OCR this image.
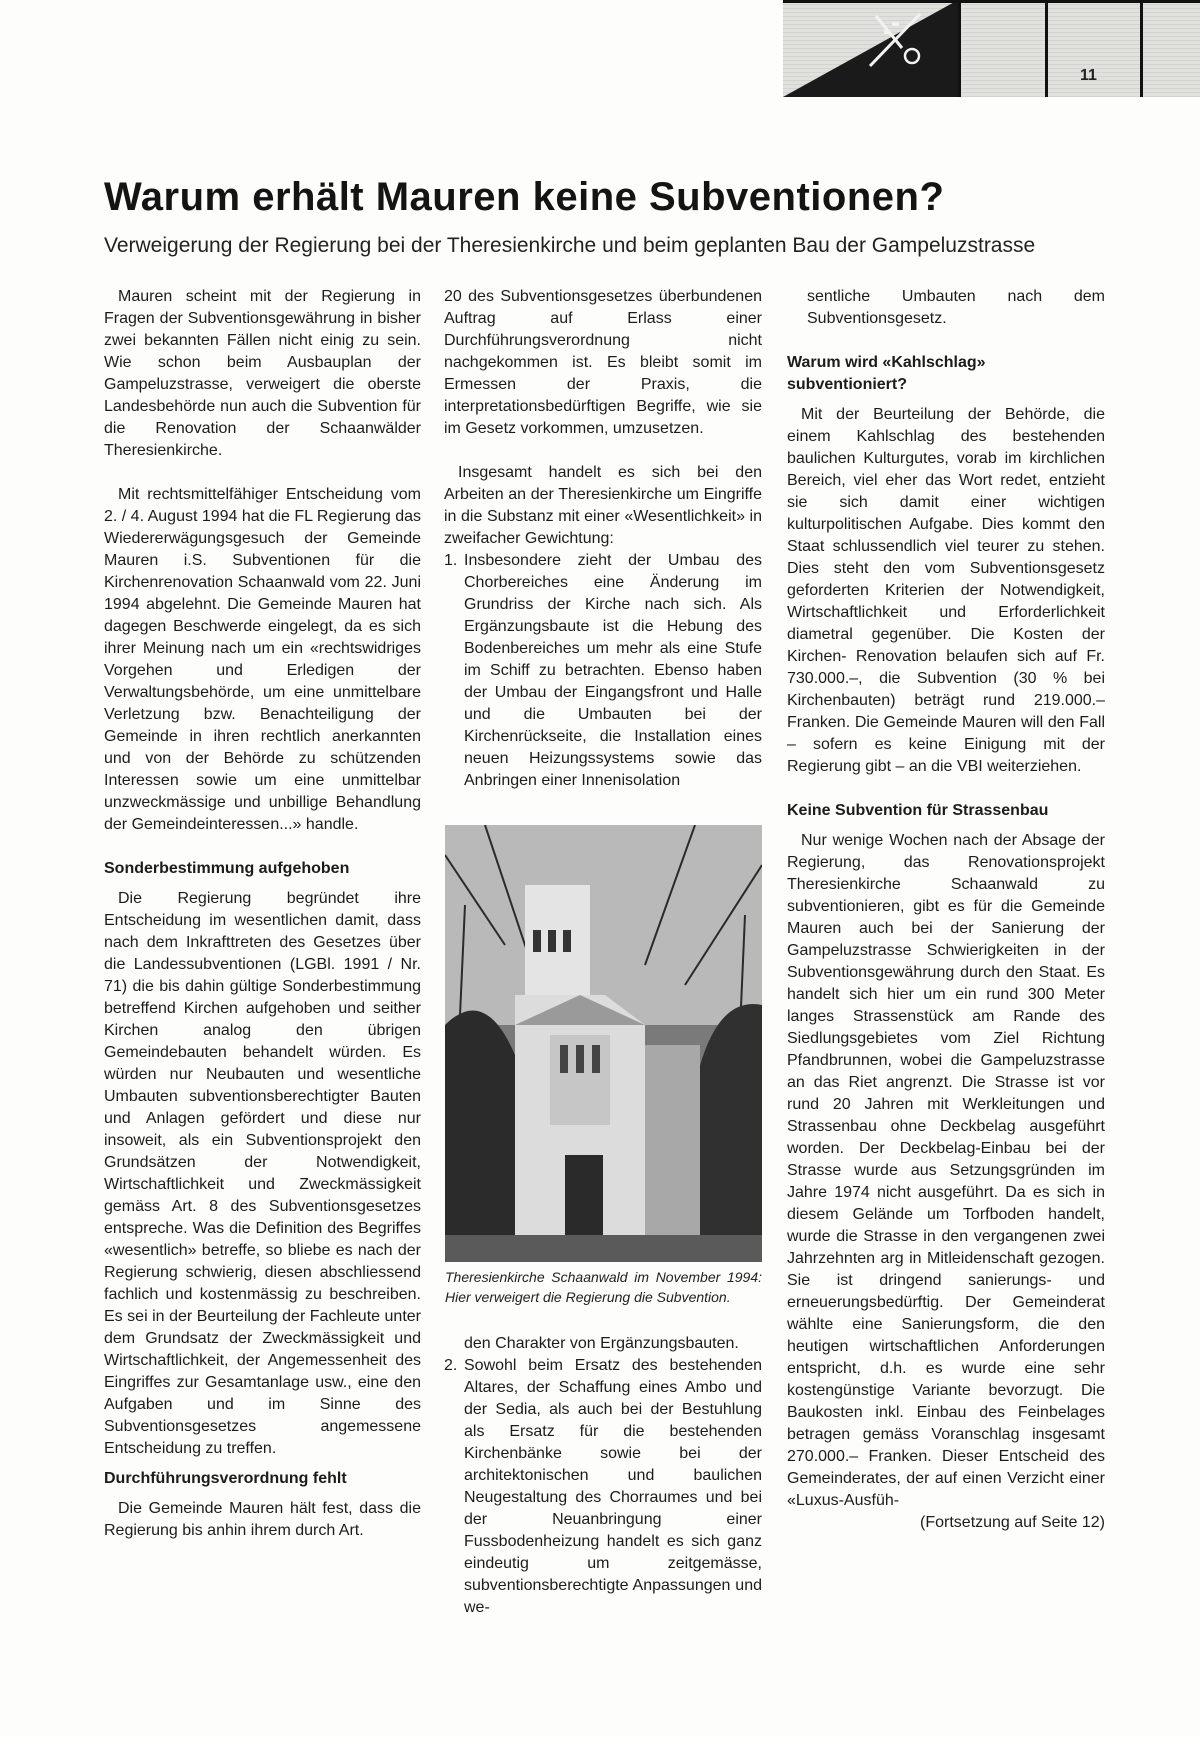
11
Warum erhält Mauren keine Subventionen?
Verweigerung der Regierung bei der Theresienkirche und beim geplanten Bau der Gampeluzstrasse

Mauren scheint mit der Regierung in Fragen der Subventionsgewährung in bisher zwei bekannten Fällen nicht einig zu sein. Wie schon beim Ausbauplan der Gampeluzstrasse, verweigert die oberste Landesbehörde nun auch die Subvention für die Renovation der Schaanwälder Theresienkirche.

Mit rechtsmittelfähiger Entscheidung vom 2. / 4. August 1994 hat die FL Regierung das Wiedererwägungsgesuch der Gemeinde Mauren i.S. Subventionen für die Kirchenrenovation Schaanwald vom 22. Juni 1994 abgelehnt. Die Gemeinde Mauren hat dagegen Beschwerde eingelegt, da es sich ihrer Meinung nach um ein «rechtswidriges Vorgehen und Erledigen der Verwaltungsbehörde, um eine unmittelbare Verletzung bzw. Benachteiligung der Gemeinde in ihren rechtlich anerkannten und von der Behörde zu schützenden Interessen sowie um eine unmittelbar unzweckmässige und unbillige Behandlung der Gemeindeinteressen...» handle.

Sonderbestimmung aufgehoben

Die Regierung begründet ihre Entscheidung im wesentlichen damit, dass nach dem Inkrafttreten des Gesetzes über die Landessubventionen (LGBl. 1991 / Nr. 71) die bis dahin gültige Sonderbestimmung betreffend Kirchen aufgehoben und seither Kirchen analog den übrigen Gemeindebauten behandelt würden. Es würden nur Neubauten und wesentliche Umbauten subventionsberechtigter Bauten und Anlagen gefördert und diese nur insoweit, als ein Subventionsprojekt den Grundsätzen der Notwendigkeit, Wirtschaftlichkeit und Zweckmässigkeit gemäss Art. 8 des Subventionsgesetzes entspreche. Was die Definition des Begriffes «wesentlich» betreffe, so bliebe es nach der Regierung schwierig, diesen abschliessend fachlich und kostenmässig zu beschreiben. Es sei in der Beurteilung der Fachleute unter dem Grundsatz der Zweckmässigkeit und Wirtschaftlichkeit, der Angemessenheit des Eingriffes zur Gesamtanlage usw., eine den Aufgaben und im Sinne des Subventionsgesetzes angemessene Entscheidung zu treffen.

Durchführungsverordnung fehlt

Die Gemeinde Mauren hält fest, dass die Regierung bis anhin ihrem durch Art.

20 des Subventionsgesetzes überbundenen Auftrag auf Erlass einer Durchführungsverordnung nicht nachgekommen ist. Es bleibt somit im Ermessen der Praxis, die interpretationsbedürftigen Begriffe, wie sie im Gesetz vorkommen, umzusetzen.

Insgesamt handelt es sich bei den Arbeiten an der Theresienkirche um Eingriffe in die Substanz mit einer «Wesentlichkeit» in zweifacher Gewichtung:

1. Insbesondere zieht der Umbau des Chorbereiches eine Änderung im Grundriss der Kirche nach sich. Als Ergänzungsbaute ist die Hebung des Bodenbereiches um mehr als eine Stufe im Schiff zu betrachten. Ebenso haben der Umbau der Eingangsfront und Halle und die Umbauten bei der Kirchenrückseite, die Installation eines neuen Heizungssystems sowie das Anbringen einer Innenisolation
Theresienkirche Schaanwald im November 1994: Hier verweigert die Regierung die Subvention.

den Charakter von Ergänzungsbauten.

2. Sowohl beim Ersatz des bestehenden Altares, der Schaffung eines Ambo und der Sedia, als auch bei der Bestuhlung als Ersatz für die bestehenden Kirchenbänke sowie bei der architektonischen und baulichen Neugestaltung des Chorraumes und bei der Neuanbringung einer Fussbodenheizung handelt es sich ganz eindeutig um zeitgemässe, subventionsberechtigte Anpassungen und we-

sentliche Umbauten nach dem Subventionsgesetz.

Warum wird «Kahlschlag» subventioniert?

Mit der Beurteilung der Behörde, die einem Kahlschlag des bestehenden baulichen Kulturgutes, vorab im kirchlichen Bereich, viel eher das Wort redet, entzieht sie sich damit einer wichtigen kulturpolitischen Aufgabe. Dies kommt den Staat schlussendlich viel teurer zu stehen. Dies steht den vom Subventionsgesetz geforderten Kriterien der Notwendigkeit, Wirtschaftlichkeit und Erforderlichkeit diametral gegenüber. Die Kosten der Kirchen- Renovation belaufen sich auf Fr. 730.000.–, die Subvention (30 % bei Kirchenbauten) beträgt rund 219.000.– Franken. Die Gemeinde Mauren will den Fall – sofern es keine Einigung mit der Regierung gibt – an die VBI weiterziehen.

Keine Subvention für Strassenbau

Nur wenige Wochen nach der Absage der Regierung, das Renovationsprojekt Theresienkirche Schaanwald zu subventionieren, gibt es für die Gemeinde Mauren auch bei der Sanierung der Gampeluzstrasse Schwierigkeiten in der Subventionsgewährung durch den Staat. Es handelt sich hier um ein rund 300 Meter langes Strassenstück am Rande des Siedlungsgebietes vom Ziel Richtung Pfandbrunnen, wobei die Gampeluzstrasse an das Riet angrenzt. Die Strasse ist vor rund 20 Jahren mit Werkleitungen und Strassenbau ohne Deckbelag ausgeführt worden. Der Deckbelag-Einbau bei der Strasse wurde aus Setzungsgründen im Jahre 1974 nicht ausgeführt. Da es sich in diesem Gelände um Torfboden handelt, wurde die Strasse in den vergangenen zwei Jahrzehnten arg in Mitleidenschaft gezogen. Sie ist dringend sanierungs- und erneuerungsbedürftig. Der Gemeinderat wählte eine Sanierungsform, die den heutigen wirtschaftlichen Anforderungen entspricht, d.h. es wurde eine sehr kostengünstige Variante bevorzugt. Die Baukosten inkl. Einbau des Feinbelages betragen gemäss Voranschlag insgesamt 270.000.– Franken. Dieser Entscheid des Gemeinderates, der auf einen Verzicht einer «Luxus-Ausfüh-

(Fortsetzung auf Seite 12)
